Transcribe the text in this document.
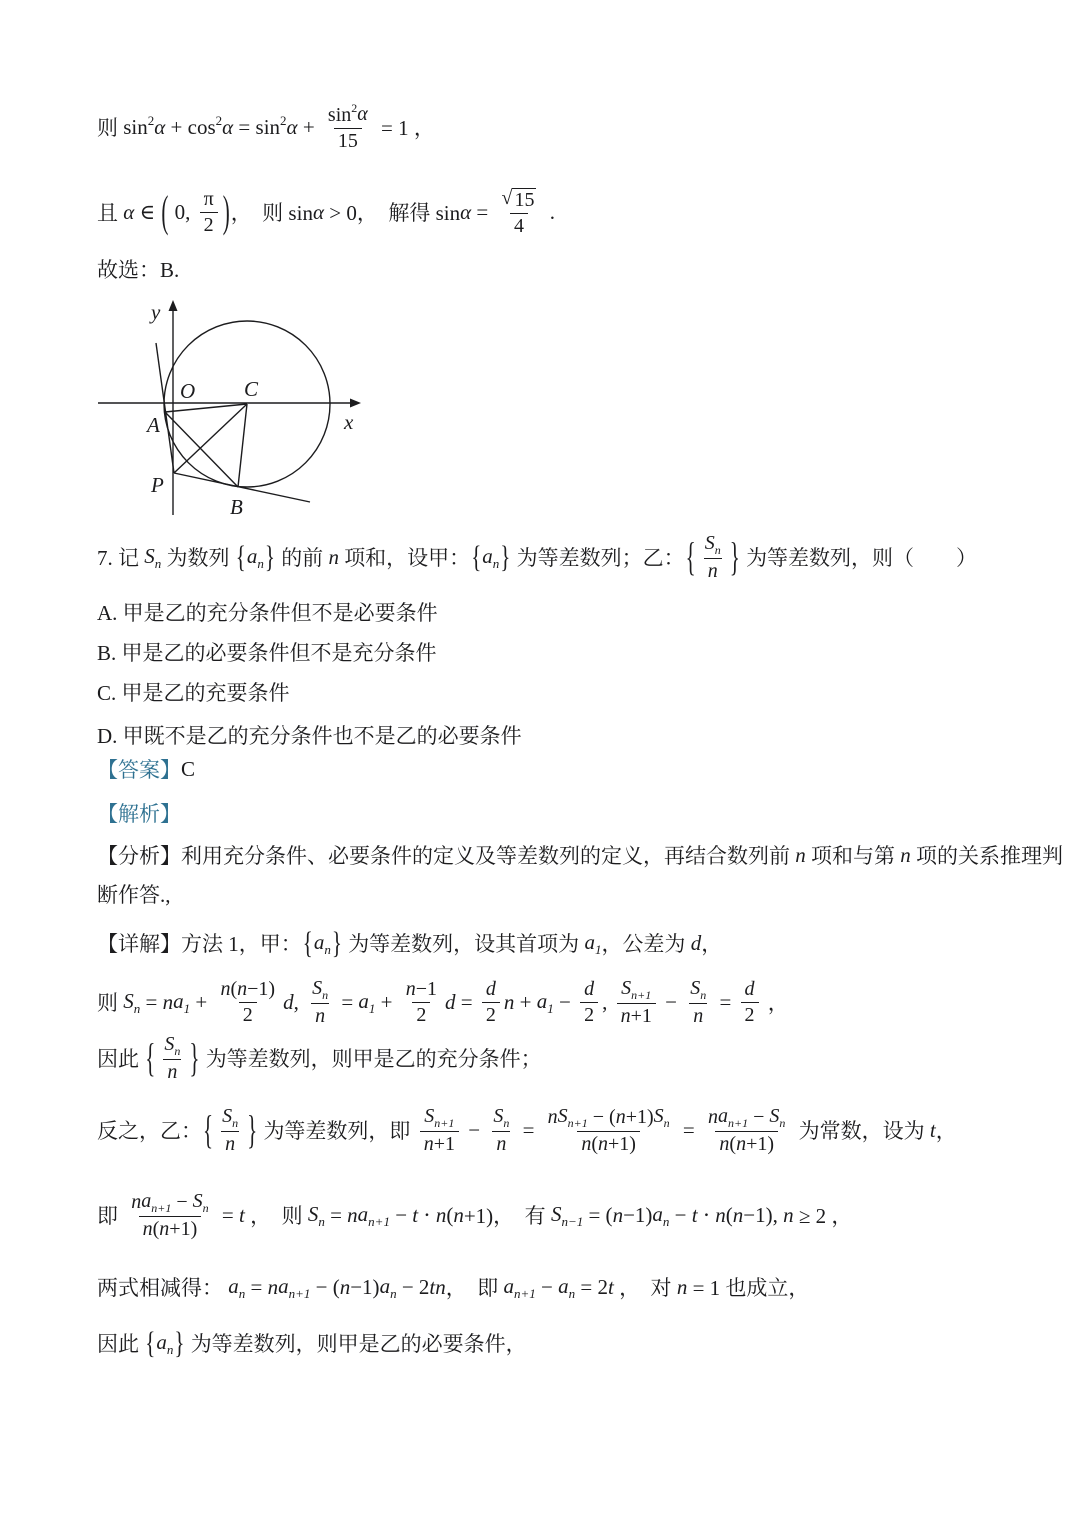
y
x
O C
A
P
B
则 $\sin^2 \alpha + \cos^2 \alpha = \sin^2 \alpha + \frac{\sin^2 \alpha}{15} = 1$ ，
且 α ∈ ( 0, $\frac{\pi}{2}$ ) ，  则 sin α > 0，  解得 $\sin \alpha = \frac{√ 15}{4}$ .
故选：B.
7. 记 $S_n$ 为数列 { $a_n$ } 的前 n 项和，设甲： { $a_n$ } 为等差数列；乙： { $\frac{S_n}{n}$ } 为等差数列，则（        ）
A. 甲是乙的充分条件但不是必要条件
B. 甲是乙的必要条件但不是充分条件
C. 甲是乙的充要条件
D. 甲既不是乙的充分条件也不是乙的必要条件
【答案】 C
【解析】
【分析】利用充分条件、必要条件的定义及等差数列的定义，再结合数列前 n 项和与第 n 项的关系推理判
断作答.,
【详解】方法 1，甲： { $a_n$ } 为等差数列，设其首项为 $a_1$ ，公差为 d ，
则 $S_n = n$ $a_1 + \frac{n ( n -1)}{2}$ d , $\frac{S_n}{n} = a_1 + \frac{n -1}{2}$ $d = \frac{d}{2}$ $n + a_1 - \frac{d}{2}$ , $\frac{S_{n+1}}{n +1} - \frac{S_n}{n} = \frac{d}{2}$ ，
因此 { $\frac{S_n}{n}$ } 为等差数列，则甲是乙的充分条件；
反之，乙： { $\frac{S_n}{n}$ } 为等差数列，即 $\frac{S_{n+1}}{n +1} - \frac{S_n}{n} = \frac{n S_{n+1} - ( n +1) S_n}{n ( n +1)} = \frac{n a_{n+1} - S_n}{n ( n +1)}$ 为常数，设为 t ，
即 $\frac{n a_{n+1} - S_n}{n ( n +1)} = t$ ，  则 $S_n = n$ $a_{n+1} - t \cdot n$ ( n +1)，  有 $S_{n-1}$ = ( n −1) $a_n - t \cdot n$ ( n −1), n ≥ 2 ，
两式相减得： $a_n = n$ $a_{n+1}$ − ( n −1) $a_n - 2$ tn ，  即 $a_{n+1} - a_n = 2$ t ，  对 n = 1 也成立，
因此 { $a_n$ } 为等差数列，则甲是乙的必要条件，
